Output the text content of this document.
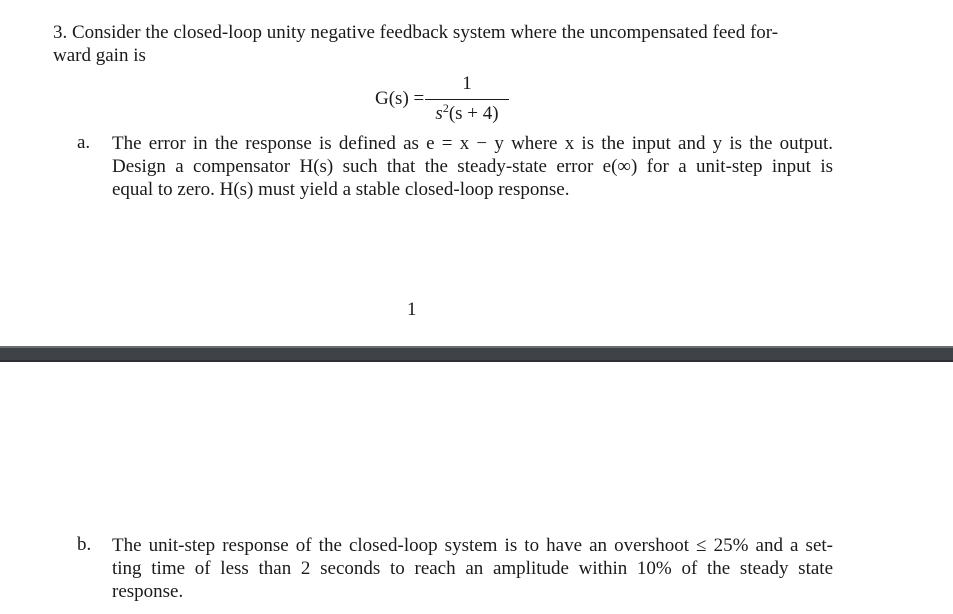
3. Consider the closed-loop unity negative feedback system where the uncompensated feed for-
ward gain is
G(s) =
1
$s^2(s + 4)$
a. The error in the response is defined as e = x − y where x is the input and y is the output.
Design a compensator H(s) such that the steady-state error e(∞) for a unit-step input is
equal to zero. H(s) must yield a stable closed-loop response.
1
b. The unit-step response of the closed-loop system is to have an overshoot ≤ 25% and a set-
ting time of less than 2 seconds to reach an amplitude within 10% of the steady state
response.
